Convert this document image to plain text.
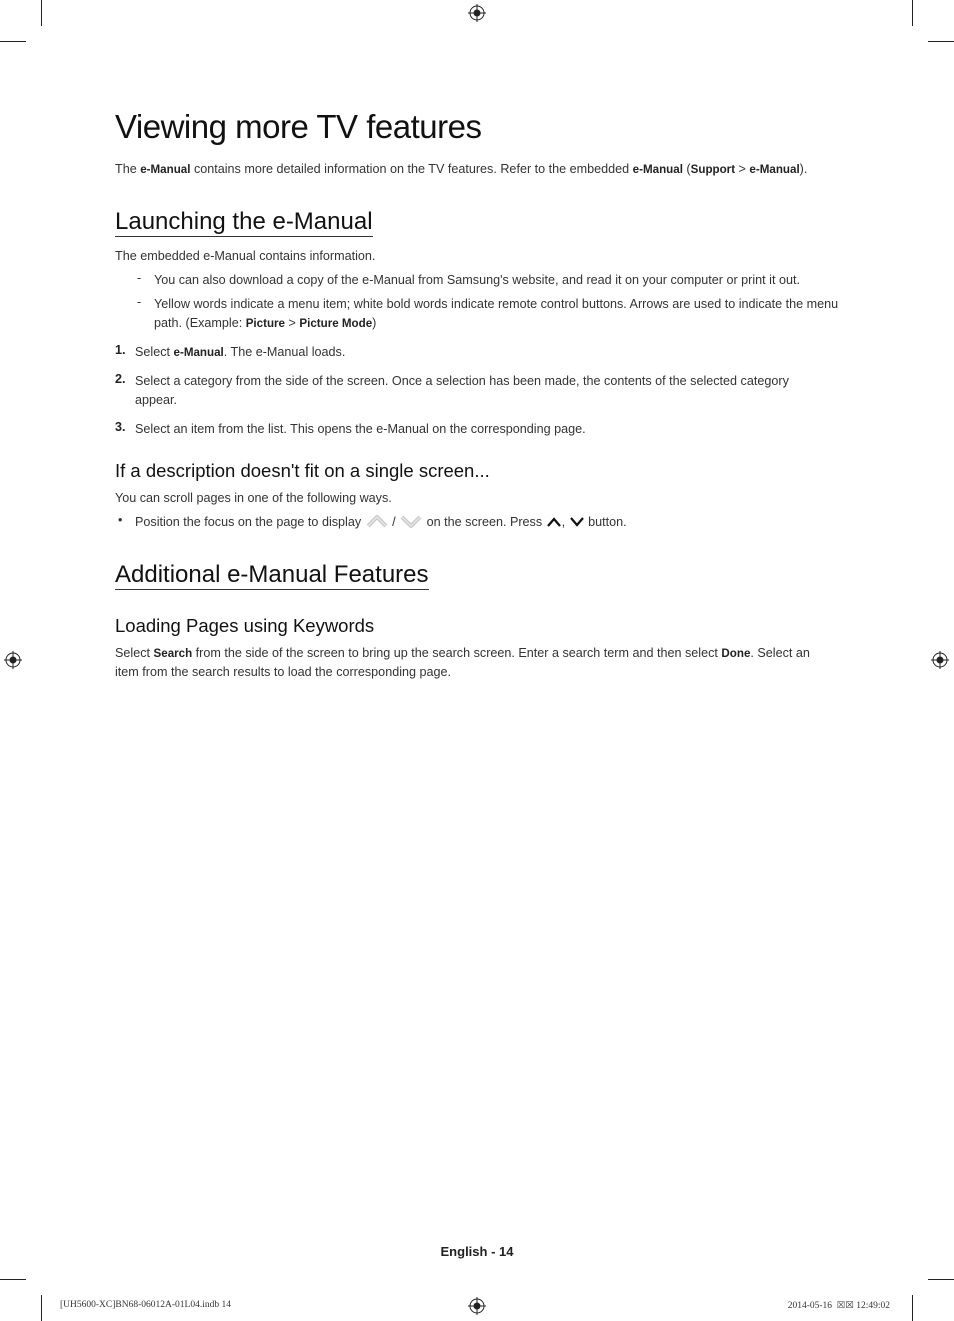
Viewing more TV features

The e-Manual contains more detailed information on the TV features. Refer to the embedded e-Manual (Support > e-Manual).

Launching the e-Manual

The embedded e-Manual contains information.

- You can also download a copy of the e-Manual from Samsung's website, and read it on your computer or print it out.

- Yellow words indicate a menu item; white bold words indicate remote control buttons. Arrows are used to indicate the menu path. (Example: Picture > Picture Mode)

1. Select e-Manual. The e-Manual loads.

2. Select a category from the side of the screen. Once a selection has been made, the contents of the selected category appear.

3. Select an item from the list. This opens the e-Manual on the corresponding page.

If a description doesn't fit on a single screen...

You can scroll pages in one of the following ways.

• Position the focus on the page to display  /  on the screen. Press ,  button.

Additional e-Manual Features
Loading Pages using Keywords

Select Search from the side of the screen to bring up the search screen. Enter a search term and then select Done. Select an item from the search results to load the corresponding page.

English - 14
[UH5600-XC]BN68-06012A-01L04.indb 14	2014-05-16  ☒☒ 12:49:02
